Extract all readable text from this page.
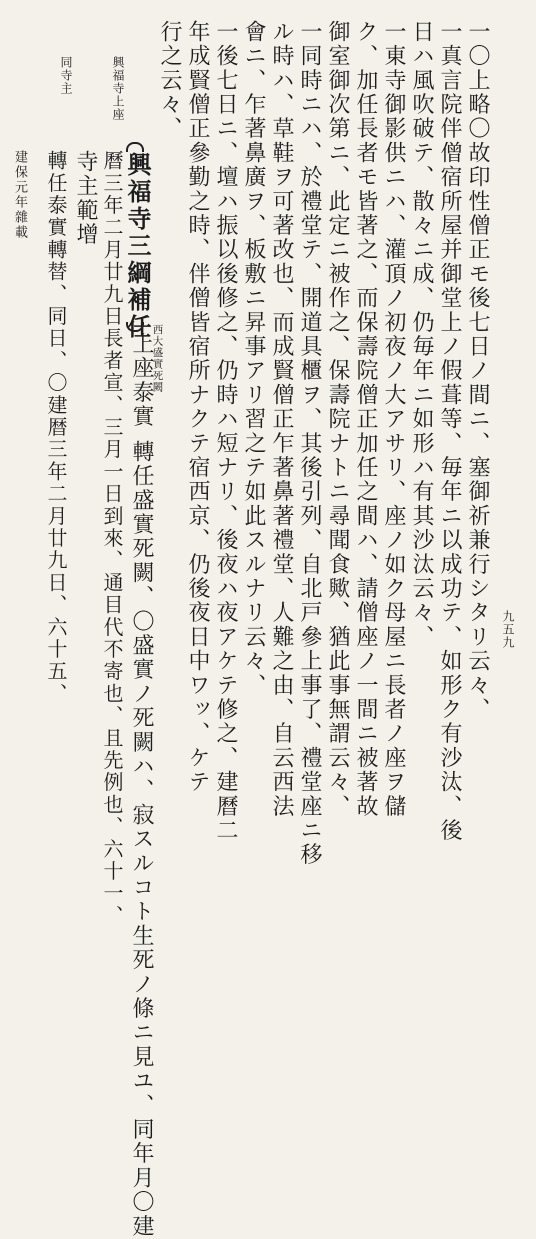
九五九
一〇上略〇故印性僧正モ後七日ノ間ニ、塞御祈兼行シタリ云々、
一真言院伴僧宿所屋并御堂上ノ假葺等、毎年ニ以成功テ、如形ク有沙汰、後
日ハ風吹破テ、散々ニ成、仍毎年ニ如形ハ有其沙汰云々、
一東寺御影供ニハ、灌頂ノ初夜ノ大アサリ、座ノ如ク母屋ニ長者ノ座ヲ儲
ク、加任長者モ皆著之、而保壽院僧正加任之間ハ、請僧座ノ一間ニ被著故
御室御次第ニ、此定ニ被作之、保壽院ナトニ尋聞食歟、猶此事無謂云々、
一同時ニハ、於禮堂テ、開道具櫃ヲ、其後引列、自北戸參上事了、禮堂座ニ移
ル時ハ、草鞋ヲ可著改也、而成賢僧正乍著鼻著禮堂、人難之由、自云西法
會ニ、乍著鼻廣ヲ、板敷ニ昇事アリ習之テ如此スルナリ云々、
一後七日ニ、壇ハ振以後修之、仍時ハ短ナリ、後夜ハ夜アケテ修之、建曆二
年成賢僧正參勤之時、伴僧皆宿所ナクテ宿西京、仍後夜日中ワッ、ケテ
行之云々、
興福寺三綱補任
西大盛實死闕
上座泰實
轉任盛實死闕、〇盛實ノ死闕ハ、寂スルコト生死ノ條ニ見ユ、同年月〇建
曆三年二月廿九日長者宣、三月一日到來、通目代不寄也、且先例也、六十一、
寺主範增
轉任泰實轉替、同日、〇建暦三年二月廿九日、六十五、
建保元年雜載
興福寺上座
同寺主
